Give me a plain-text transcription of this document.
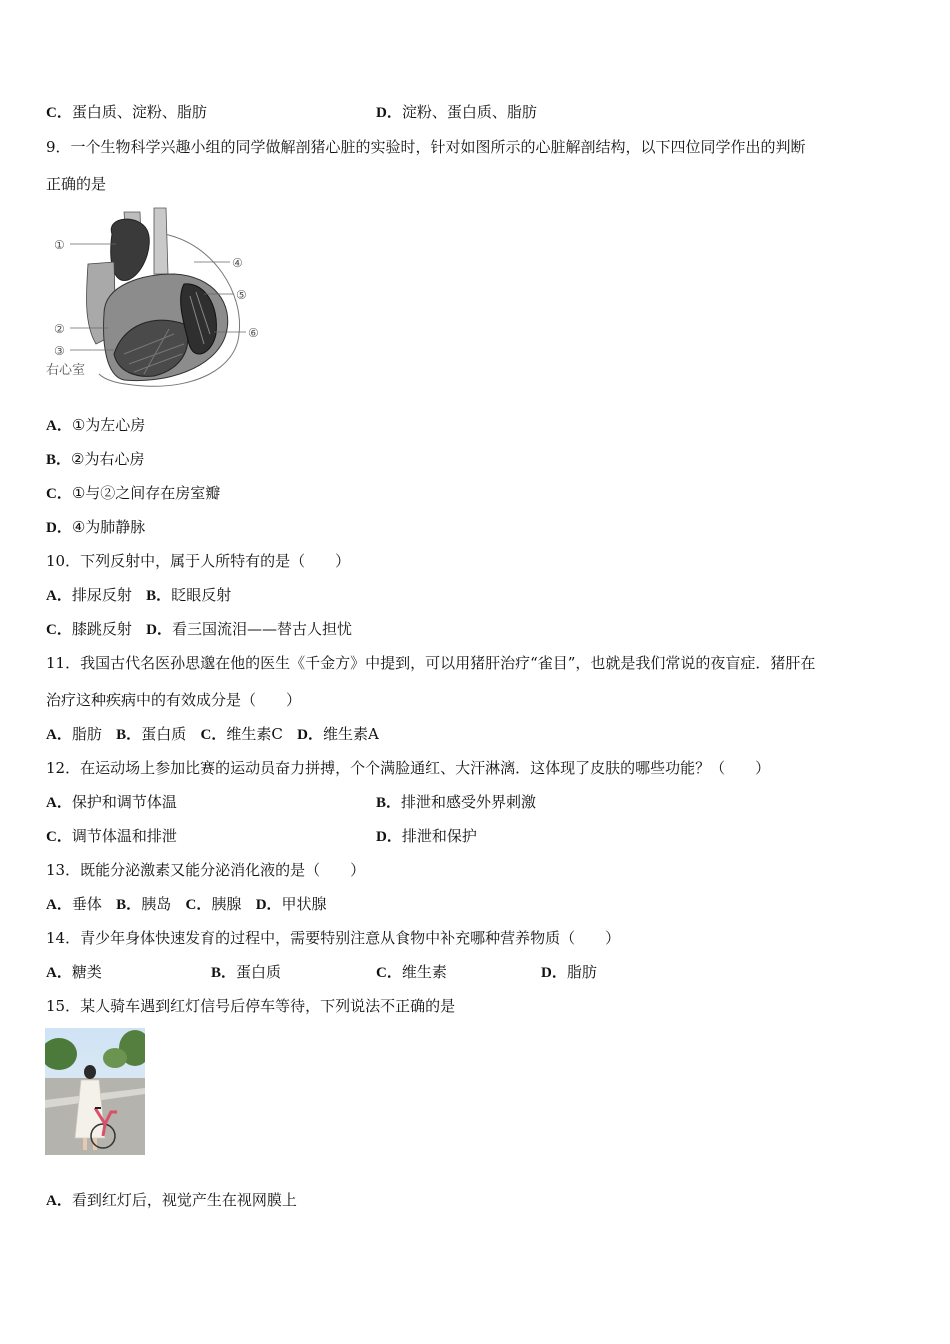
C．蛋白质、淀粉、脂肪	D．淀粉、蛋白质、脂肪
9．一个生物科学兴趣小组的同学做解剖猪心脏的实验时，针对如图所示的心脏解剖结构，以下四位同学作出的判断
正确的是
①
④
⑤
⑥
②
③
右心室
A．①为左心房
B．②为右心房
C．①与②之间存在房室瓣
D．④为肺静脉
10．下列反射中，属于人所特有的是（　　）
A．排尿反射 B．眨眼反射
C．膝跳反射 D．看三国流泪——替古人担忧
11．我国古代名医孙思邈在他的医生《千金方》中提到，可以用猪肝治疗“雀目”，也就是我们常说的夜盲症．猪肝在
治疗这种疾病中的有效成分是（　　）
A．脂肪 B．蛋白质 C．维生素C D．维生素A
12．在运动场上参加比赛的运动员奋力拼搏，个个满脸通红、大汗淋漓．这体现了皮肤的哪些功能？（　　）
A．保护和调节体温	B．排泄和感受外界刺激
C．调节体温和排泄	D．排泄和保护
13．既能分泌激素又能分泌消化液的是（　　）
A．垂体 B．胰岛 C．胰腺 D．甲状腺
14．青少年身体快速发育的过程中，需要特别注意从食物中补充哪种营养物质（　　）
A．糖类	B．蛋白质	C．维生素	D．脂肪
15．某人骑车遇到红灯信号后停车等待，下列说法不正确的是
A．看到红灯后，视觉产生在视网膜上
